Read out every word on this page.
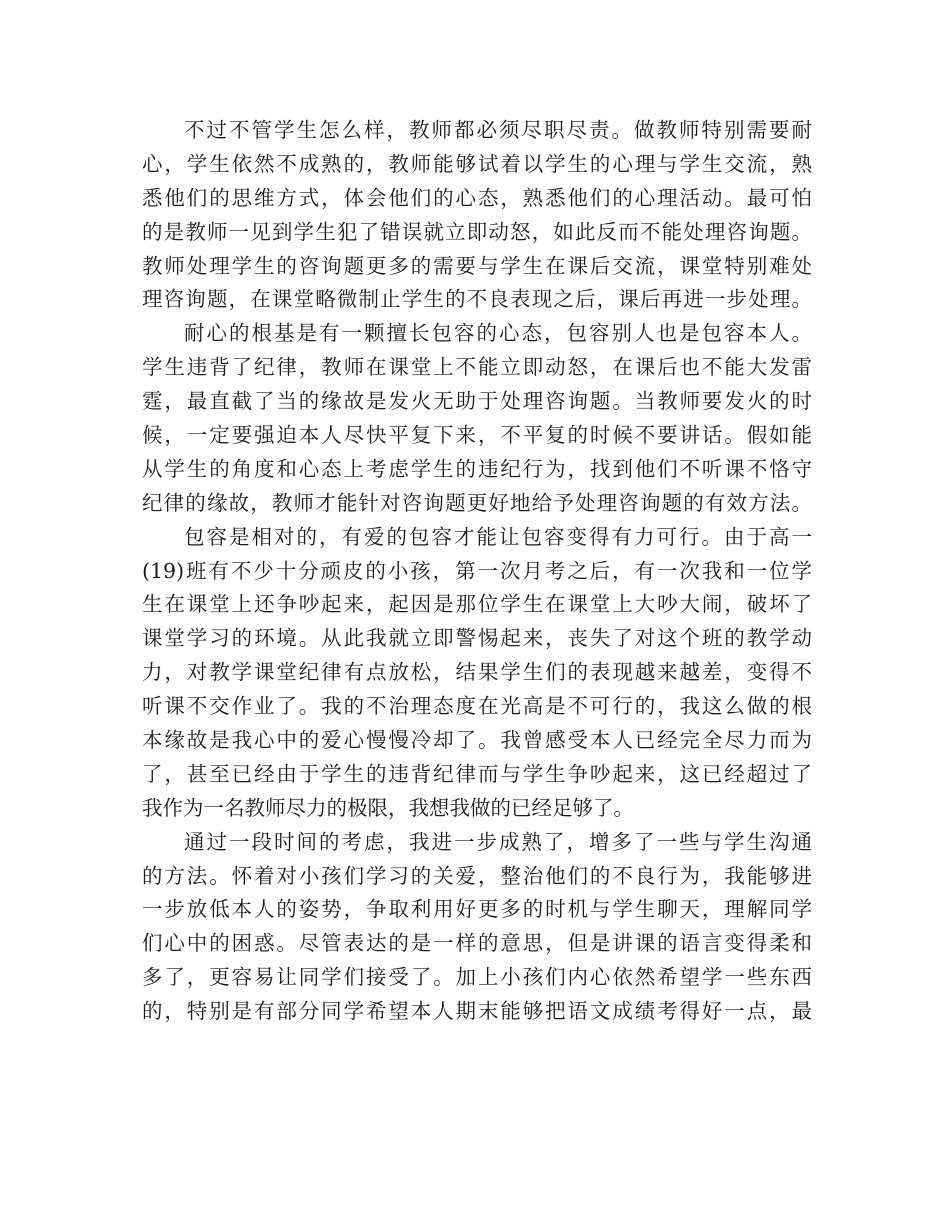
不过不管学生怎么样，教师都必须尽职尽责。做教师特别需要耐
心，学生依然不成熟的，教师能够试着以学生的心理与学生交流，熟
悉他们的思维方式，体会他们的心态，熟悉他们的心理活动。最可怕
的是教师一见到学生犯了错误就立即动怒，如此反而不能处理咨询题。
教师处理学生的咨询题更多的需要与学生在课后交流，课堂特别难处
理咨询题，在课堂略微制止学生的不良表现之后，课后再进一步处理。
耐心的根基是有一颗擅长包容的心态，包容别人也是包容本人。
学生违背了纪律，教师在课堂上不能立即动怒，在课后也不能大发雷
霆，最直截了当的缘故是发火无助于处理咨询题。当教师要发火的时
候，一定要强迫本人尽快平复下来，不平复的时候不要讲话。假如能
从学生的角度和心态上考虑学生的违纪行为，找到他们不听课不恪守
纪律的缘故，教师才能针对咨询题更好地给予处理咨询题的有效方法。
包容是相对的，有爱的包容才能让包容变得有力可行。由于高一
(19)班有不少十分顽皮的小孩，第一次月考之后，有一次我和一位学
生在课堂上还争吵起来，起因是那位学生在课堂上大吵大闹，破坏了
课堂学习的环境。从此我就立即警惕起来，丧失了对这个班的教学动
力，对教学课堂纪律有点放松，结果学生们的表现越来越差，变得不
听课不交作业了。我的不治理态度在光高是不可行的，我这么做的根
本缘故是我心中的爱心慢慢冷却了。我曾感受本人已经完全尽力而为
了，甚至已经由于学生的违背纪律而与学生争吵起来，这已经超过了
我作为一名教师尽力的极限，我想我做的已经足够了。
通过一段时间的考虑，我进一步成熟了，增多了一些与学生沟通
的方法。怀着对小孩们学习的关爱，整治他们的不良行为，我能够进
一步放低本人的姿势，争取利用好更多的时机与学生聊天，理解同学
们心中的困惑。尽管表达的是一样的意思，但是讲课的语言变得柔和
多了，更容易让同学们接受了。加上小孩们内心依然希望学一些东西
的，特别是有部分同学希望本人期末能够把语文成绩考得好一点，最
